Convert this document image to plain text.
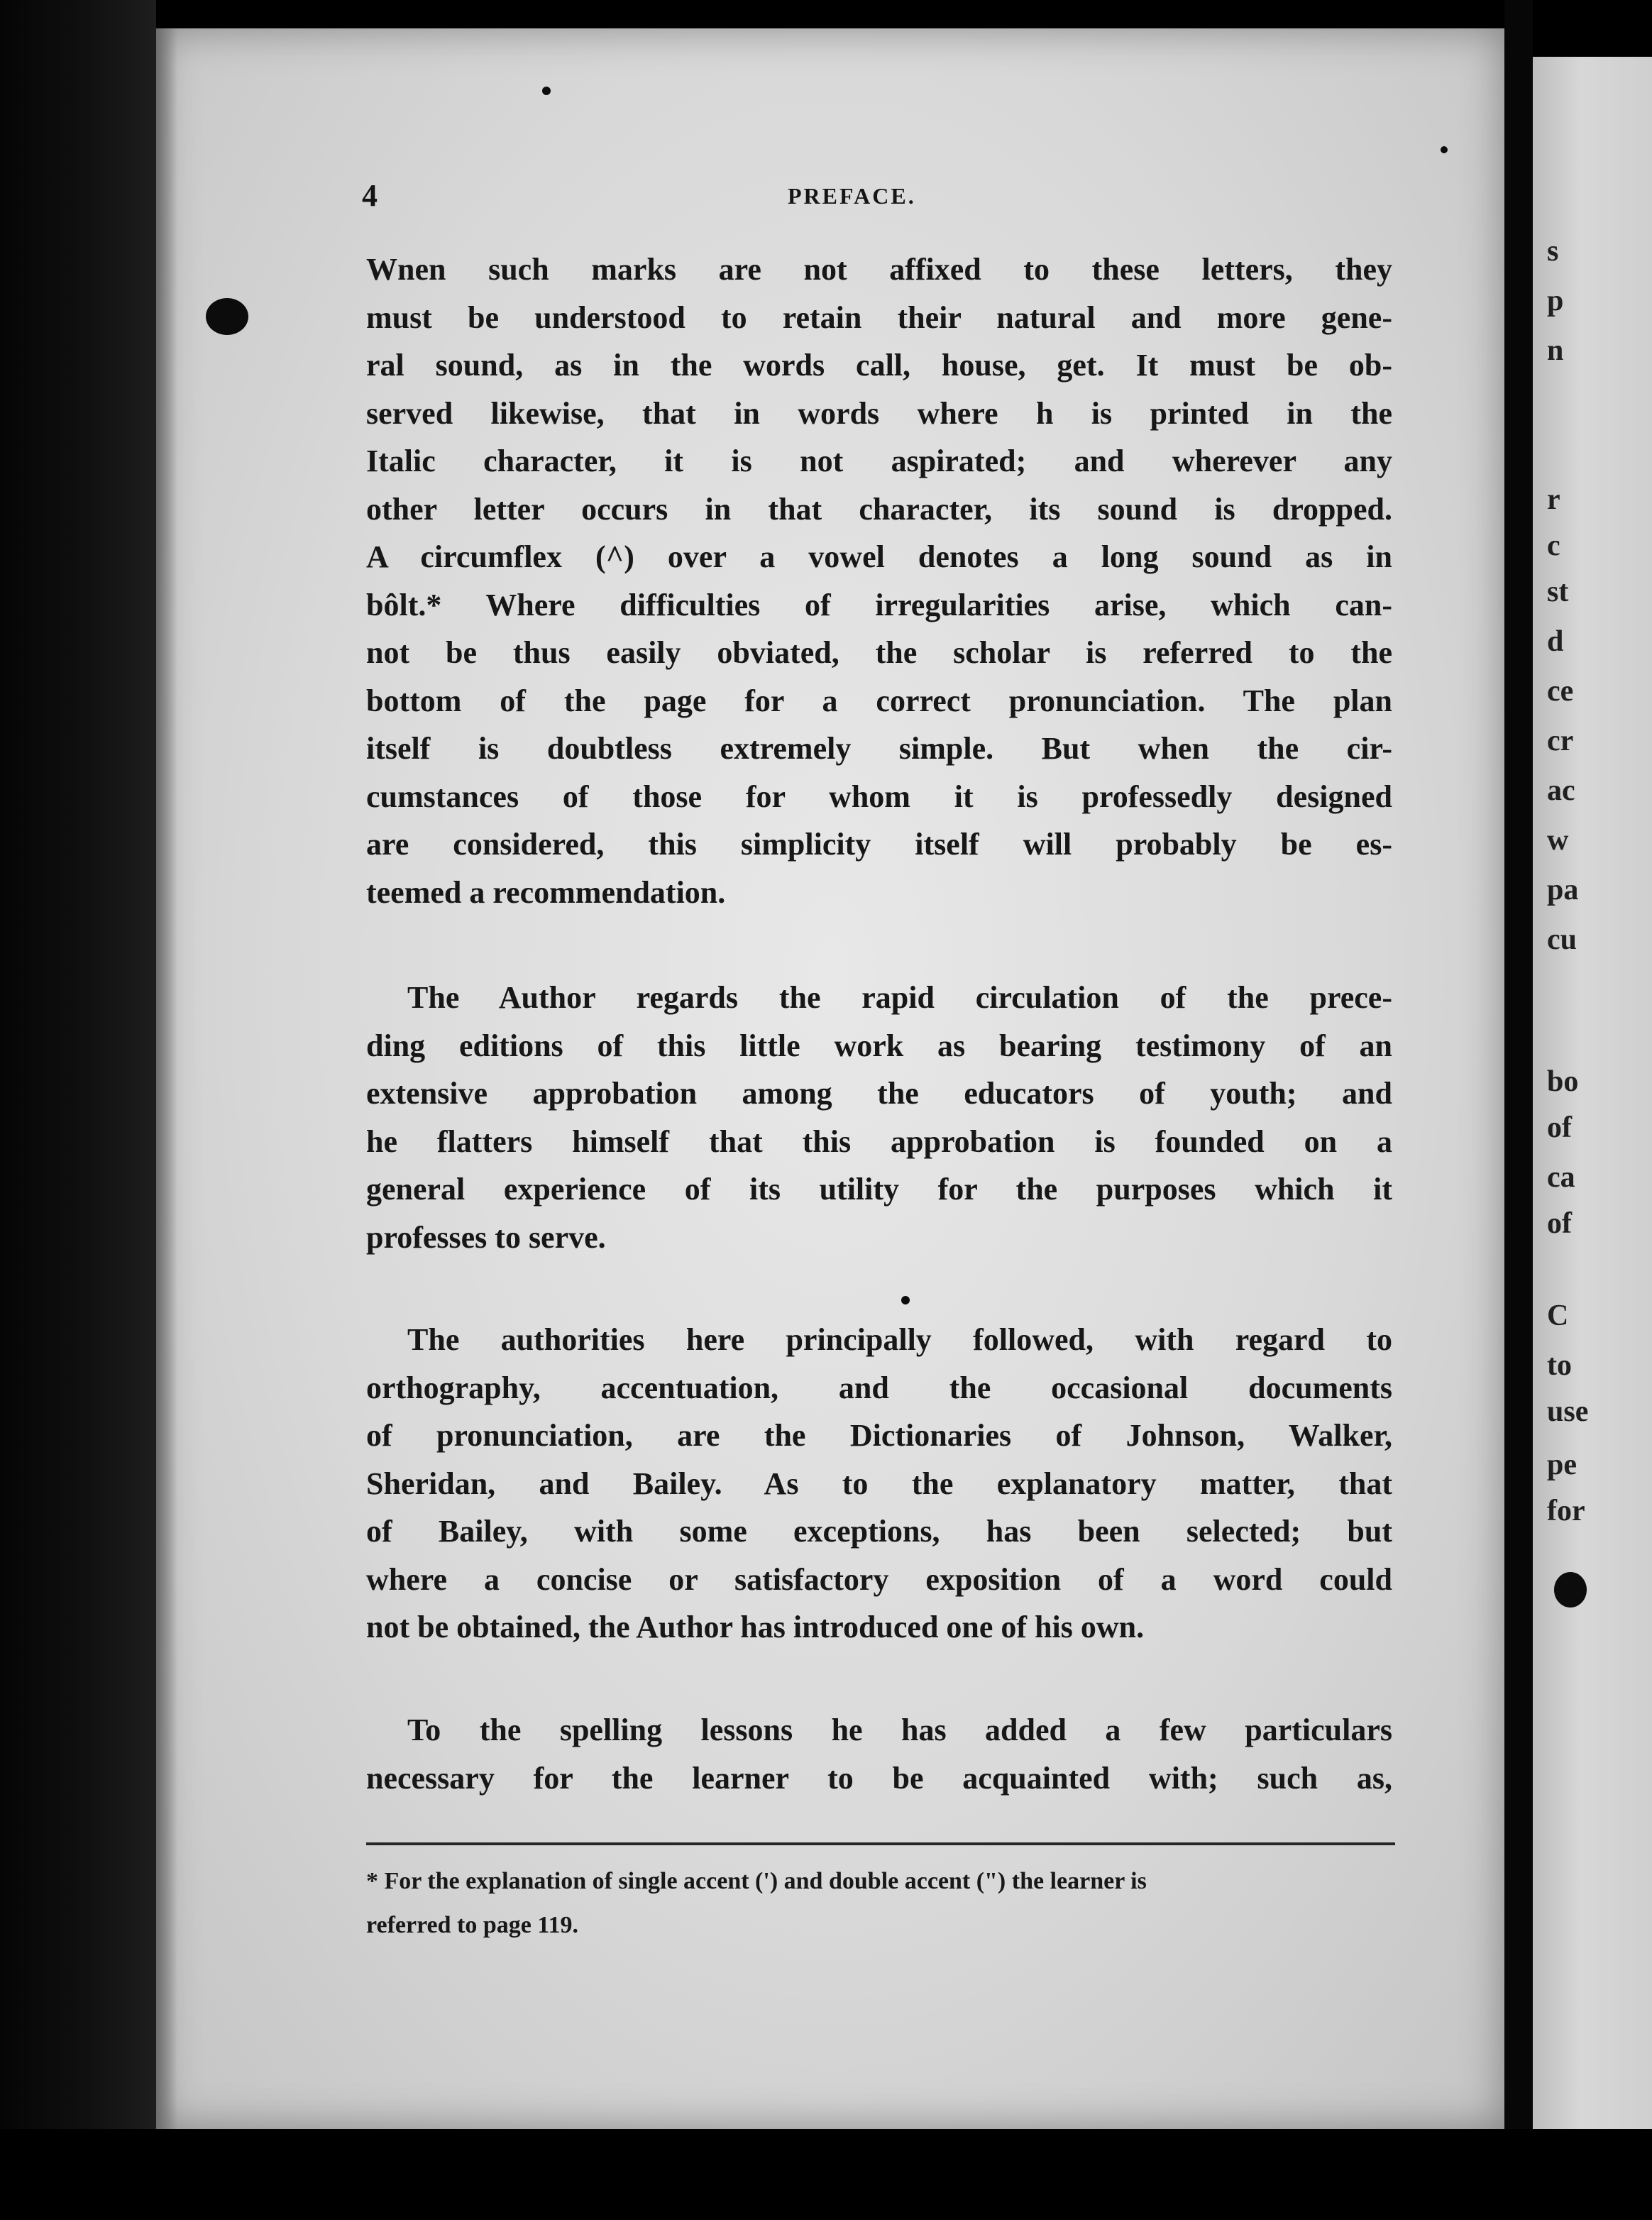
4	PREFACE.
Wnen such marks are not affixed to these letters, they
must be understood to retain their natural and more gene-
ral sound, as in the words call, house, get. It must be ob-
served likewise, that in words where h is printed in the
Italic character, it is not aspirated; and wherever any
other letter occurs in that character, its sound is dropped.
A circumflex (^) over a vowel denotes a long sound as in
bôlt.* Where difficulties of irregularities arise, which can-
not be thus easily obviated, the scholar is referred to the
bottom of the page for a correct pronunciation. The plan
itself is doubtless extremely simple. But when the cir-
cumstances of those for whom it is professedly designed
are considered, this simplicity itself will probably be es-
teemed a recommendation.
The Author regards the rapid circulation of the prece-
ding editions of this little work as bearing testimony of an
extensive approbation among the educators of youth; and
he flatters himself that this approbation is founded on a
general experience of its utility for the purposes which it
professes to serve.
The authorities here principally followed, with regard to
orthography, accentuation, and the occasional documents
of pronunciation, are the Dictionaries of Johnson, Walker,
Sheridan, and Bailey. As to the explanatory matter, that
of Bailey, with some exceptions, has been selected; but
where a concise or satisfactory exposition of a word could
not be obtained, the Author has introduced one of his own.
To the spelling lessons he has added a few particulars
necessary for the learner to be acquainted with; such as,
* For the explanation of single accent (') and double accent (") the learner is
referred to page 119.
s
p
n
r
c
st
d
ce
cr
ac
w
pa
cu
bo
of
ca
of
C
to
use
pe
for
